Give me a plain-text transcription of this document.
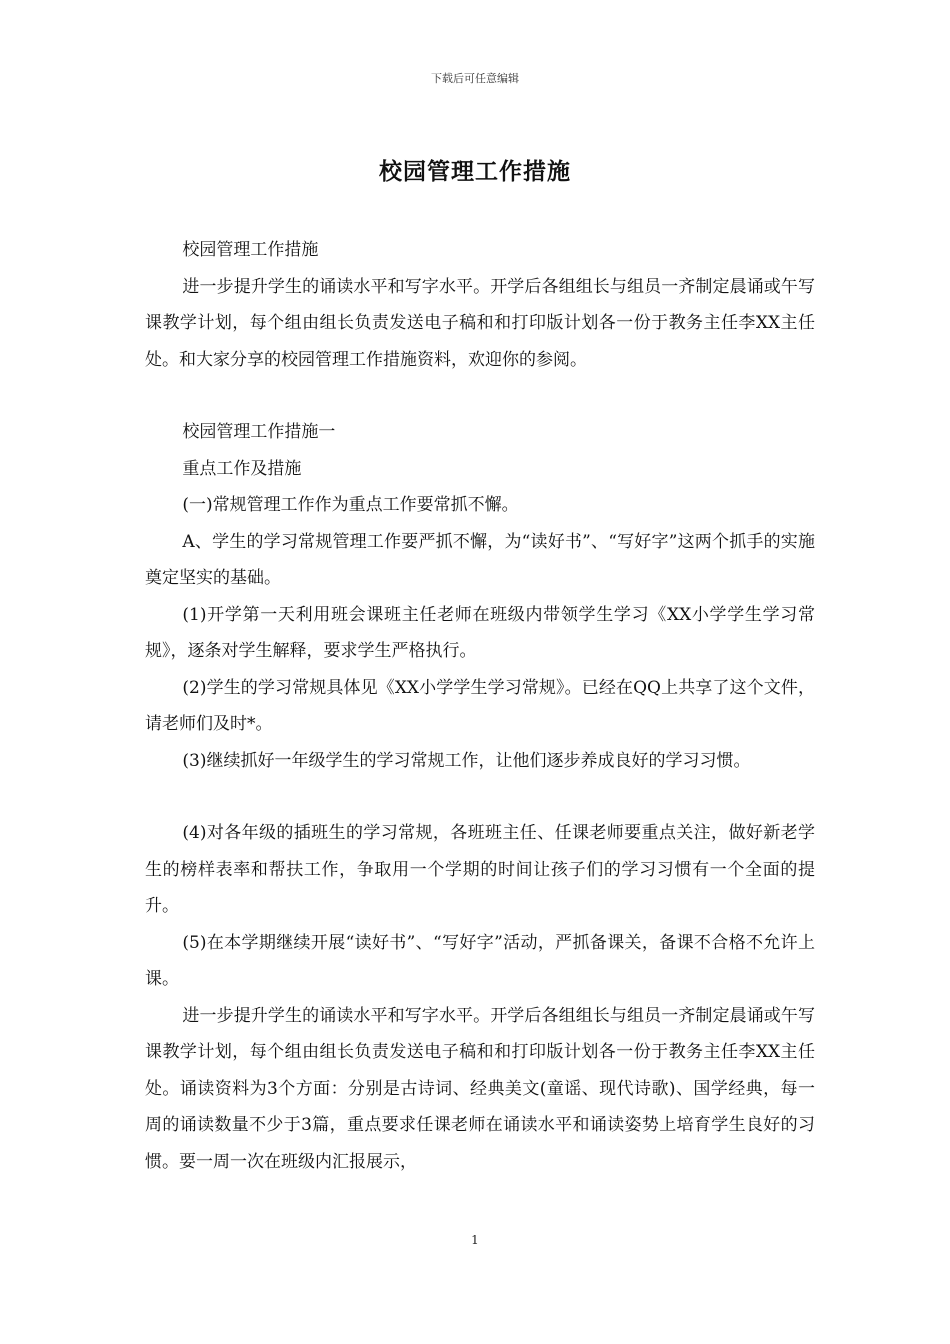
下载后可任意编辑
校园管理工作措施

校园管理工作措施

进一步提升学生的诵读水平和写字水平。开学后各组组长与组员一齐制定晨诵或午写课教学计划，每个组由组长负责发送电子稿和和打印版计划各一份于教务主任李XX主任处。和大家分享的校园管理工作措施资料，欢迎你的参阅。

校园管理工作措施一

重点工作及措施

(一)常规管理工作作为重点工作要常抓不懈。

A、学生的学习常规管理工作要严抓不懈，为“读好书”、“写好字”这两个抓手的实施奠定坚实的基础。

(1)开学第一天利用班会课班主任老师在班级内带领学生学习《XX小学学生学习常规》，逐条对学生解释，要求学生严格执行。

(2)学生的学习常规具体见《XX小学学生学习常规》。已经在QQ上共享了这个文件，请老师们及时*。

(3)继续抓好一年级学生的学习常规工作，让他们逐步养成良好的学习习惯。

(4)对各年级的插班生的学习常规，各班班主任、任课老师要重点关注，做好新老学生的榜样表率和帮扶工作，争取用一个学期的时间让孩子们的学习习惯有一个全面的提升。

(5)在本学期继续开展“读好书”、“写好字”活动，严抓备课关，备课不合格不允许上课。

进一步提升学生的诵读水平和写字水平。开学后各组组长与组员一齐制定晨诵或午写课教学计划，每个组由组长负责发送电子稿和和打印版计划各一份于教务主任李XX主任处。诵读资料为3个方面：分别是古诗词、经典美文(童谣、现代诗歌)、国学经典，每一周的诵读数量不少于3篇，重点要求任课老师在诵读水平和诵读姿势上培育学生良好的习惯。要一周一次在班级内汇报展示，

1
